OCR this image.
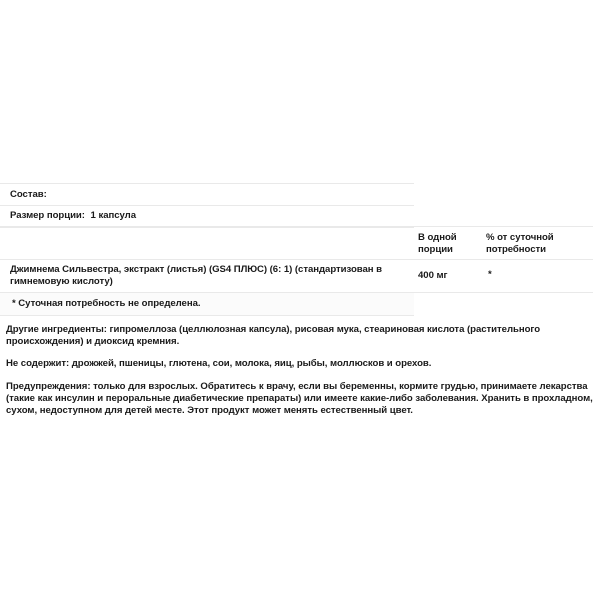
Состав:
Размер порции: 1 капсула
В одной
порции
% от суточной
потребности
Джимнема Сильвестра, экстракт (листья) (GS4 ПЛЮС) (6: 1) (стандартизован в
гимнемовую кислоту)
400 мг	*
* Суточная потребность не определена.
Другие ингредиенты: гипромеллоза (целлюлозная капсула), рисовая мука, стеариновая кислота (растительного
происхождения) и диоксид кремния.
Не содержит: дрожжей, пшеницы, глютена, сои, молока, яиц, рыбы, моллюсков и орехов.
Предупреждения: только для взрослых. Обратитесь к врачу, если вы беременны, кормите грудью, принимаете лекарства
(такие как инсулин и пероральные диабетические препараты) или имеете какие-либо заболевания. Хранить в прохладном,
сухом, недоступном для детей месте. Этот продукт может менять естественный цвет.
